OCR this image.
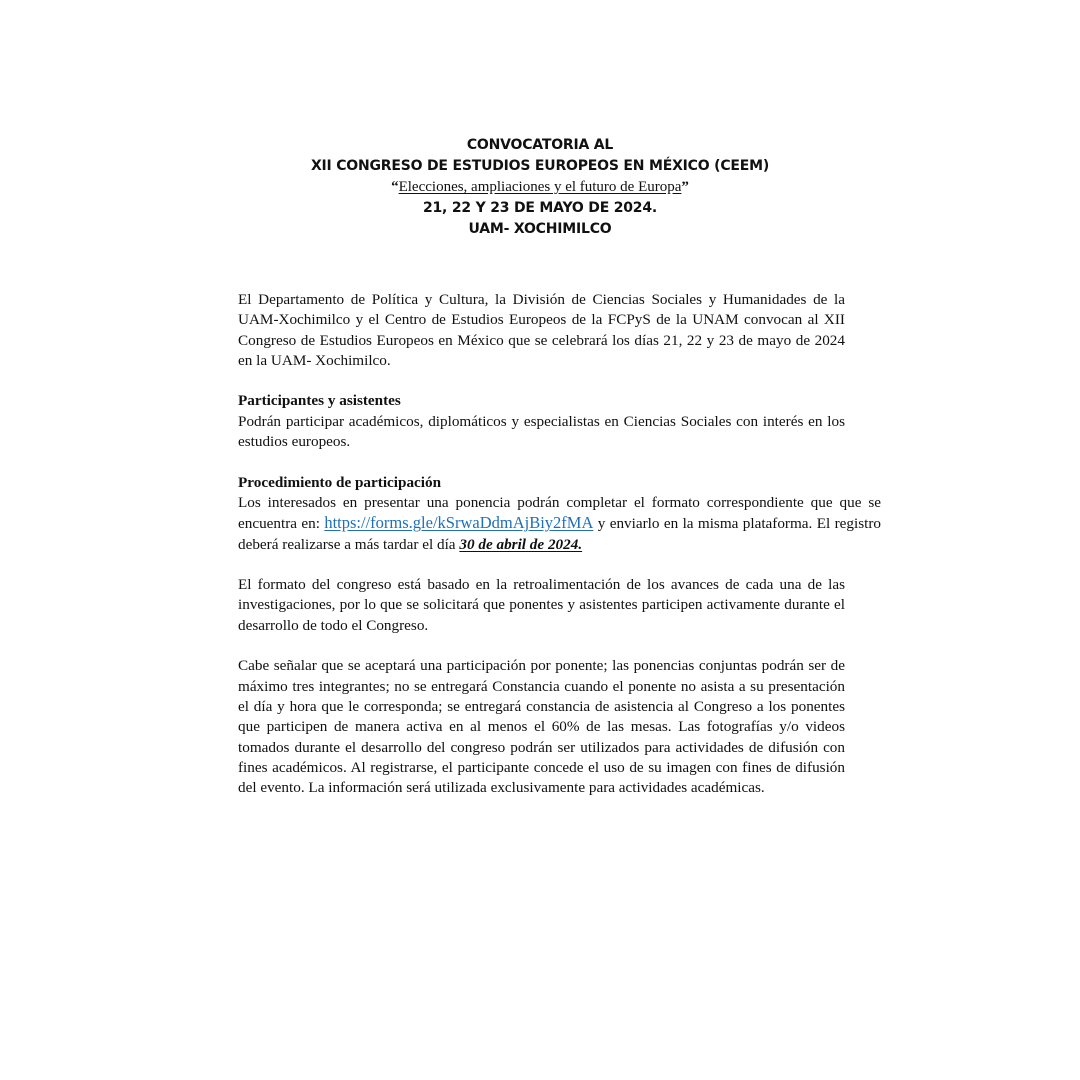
CONVOCATORIA AL
XII CONGRESO DE ESTUDIOS EUROPEOS EN MÉXICO (CEEM)
“Elecciones, ampliaciones y el futuro de Europa”
21, 22 Y 23 DE MAYO DE 2024.
UAM- XOCHIMILCO

El Departamento de Política y Cultura, la División de Ciencias Sociales y Humanidades de la UAM-Xochimilco y el Centro de Estudios Europeos de la FCPyS de la UNAM convocan al XII Congreso de Estudios Europeos en México que se celebrará los días 21, 22 y 23 de mayo de 2024 en la UAM- Xochimilco.

Participantes y asistentes

Podrán participar académicos, diplomáticos y especialistas en Ciencias Sociales con interés en los estudios europeos.

Procedimiento de participación

Los interesados en presentar una ponencia podrán completar el formato correspondiente que que se encuentra en: https://forms.gle/kSrwaDdmAjBiy2fMA y enviarlo en la misma plataforma. El registro deberá realizarse a más tardar el día 30 de abril de 2024.

El formato del congreso está basado en la retroalimentación de los avances de cada una de las investigaciones, por lo que se solicitará que ponentes y asistentes participen activamente durante el desarrollo de todo el Congreso.

Cabe señalar que se aceptará una participación por ponente; las ponencias conjuntas podrán ser de máximo tres integrantes; no se entregará Constancia cuando el ponente no asista a su presentación el día y hora que le corresponda; se entregará constancia de asistencia al Congreso a los ponentes que participen de manera activa en al menos el 60% de las mesas. Las fotografías y/o videos tomados durante el desarrollo del congreso podrán ser utilizados para actividades de difusión con fines académicos. Al registrarse, el participante concede el uso de su imagen con fines de difusión del evento. La información será utilizada exclusivamente para actividades académicas.
